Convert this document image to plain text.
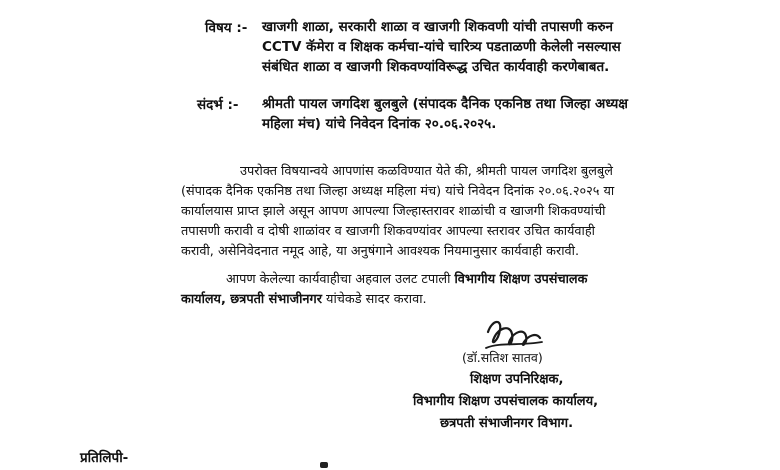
विषय :- खाजगी शाळा, सरकारी शाळा व खाजगी शिकवणी यांची तपासणी करुन
CCTV कॅमेरा व शिक्षक कर्मचा-यांचे चारित्र्य पडताळणी केलेली नसल्यास
संबंधित शाळा व खाजगी शिकवण्यांविरूद्ध उचित कार्यवाही करणेबाबत.
संदर्भ :- श्रीमती पायल जगदिश बुलबुले (संपादक दैनिक एकनिष्ठ तथा जिल्हा अध्यक्ष
महिला मंच) यांचे निवेदन दिनांक २०.०६.२०२५.
उपरोक्त विषयान्वये आपणांस कळविण्यात येते की, श्रीमती पायल जगदिश बुलबुले
(संपादक दैनिक एकनिष्ठ तथा जिल्हा अध्यक्ष महिला मंच) यांचे निवेदन दिनांक २०.०६.२०२५ या
कार्यालयास प्राप्त झाले असून आपण आपल्या जिल्हास्तरावर शाळांची व खाजगी शिकवण्यांची
तपासणी करावी व दोषी शाळांवर व खाजगी शिकवण्यांवर आपल्या स्तरावर उचित कार्यवाही
करावी, असेनिवेदनात नमूद आहे, या अनुषंगाने आवश्यक नियमानुसार कार्यवाही करावी.
आपण केलेल्या कार्यवाहीचा अहवाल उलट टपाली विभागीय शिक्षण उपसंचालक
कार्यालय, छत्रपती संभाजीनगर यांचेकडे सादर करावा.
(डॉ.सतिश सातव)
शिक्षण उपनिरिक्षक,
विभागीय शिक्षण उपसंचालक कार्यालय,
छत्रपती संभाजीनगर विभाग.
प्रतिलिपी-
